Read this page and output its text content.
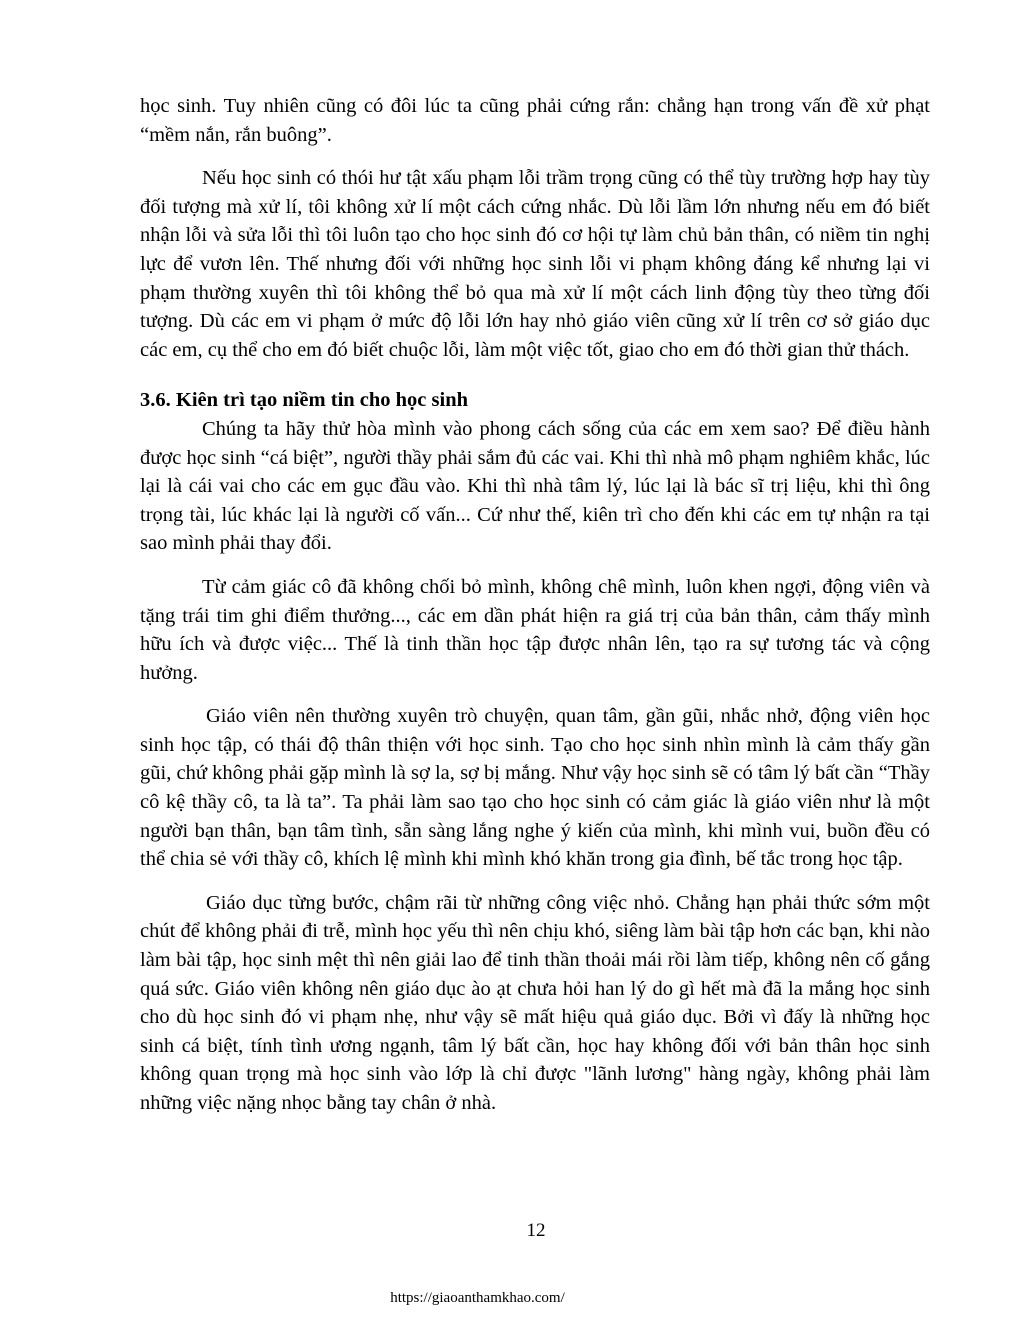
học sinh. Tuy nhiên cũng có đôi lúc ta cũng phải cứng rắn: chẳng hạn trong vấn đề xử phạt “mềm nắn, rắn buông”.

Nếu học sinh có thói hư tật xấu phạm lỗi trầm trọng cũng có thể tùy trường hợp hay tùy đối tượng mà xử lí, tôi không xử lí một cách cứng nhắc. Dù lỗi lầm lớn nhưng nếu em đó biết nhận lỗi và sửa lỗi thì tôi luôn tạo cho học sinh đó cơ hội tự làm chủ bản thân, có niềm tin nghị lực để vươn lên. Thế nhưng đối với những học sinh lỗi vi phạm không đáng kể nhưng lại vi phạm thường xuyên thì tôi không thể bỏ qua mà xử lí một cách linh động tùy theo từng đối tượng. Dù các em vi phạm ở mức độ lỗi lớn hay nhỏ giáo viên cũng xử lí trên cơ sở giáo dục các em, cụ thể cho em đó biết chuộc lỗi, làm một việc tốt, giao cho em đó thời gian thử thách.

3.6. Kiên trì tạo niềm tin cho học sinh

Chúng ta hãy thử hòa mình vào phong cách sống của các em xem sao? Để điều hành được học sinh “cá biệt”, người thầy phải sắm đủ các vai. Khi thì nhà mô phạm nghiêm khắc, lúc lại là cái vai cho các em gục đầu vào. Khi thì nhà tâm lý, lúc lại là bác sĩ trị liệu, khi thì ông trọng tài, lúc khác lại là người cố vấn... Cứ như thế, kiên trì cho đến khi các em tự nhận ra tại sao mình phải thay đổi.

Từ cảm giác cô đã không chối bỏ mình, không chê mình, luôn khen ngợi, động viên và tặng trái tim ghi điểm thưởng..., các em dần phát hiện ra giá trị của bản thân, cảm thấy mình hữu ích và được việc... Thế là tinh thần học tập được nhân lên, tạo ra sự tương tác và cộng hưởng.

Giáo viên nên thường xuyên trò chuyện, quan tâm, gần gũi, nhắc nhở, động viên học sinh học tập, có thái độ thân thiện với học sinh. Tạo cho học sinh nhìn mình là cảm thấy gần gũi, chứ không phải gặp mình là sợ la, sợ bị mắng. Như vậy học sinh sẽ có tâm lý bất cần “Thầy cô kệ thầy cô, ta là ta”. Ta phải làm sao tạo cho học sinh có cảm giác là giáo viên như là một người bạn thân, bạn tâm tình, sẵn sàng lắng nghe ý kiến của mình, khi mình vui, buồn đều có thể chia sẻ với thầy cô, khích lệ mình khi mình khó khăn trong gia đình, bế tắc trong học tập.

Giáo dục từng bước, chậm rãi từ những công việc nhỏ. Chẳng hạn phải thức sớm một chút để không phải đi trễ, mình học yếu thì nên chịu khó, siêng làm bài tập hơn các bạn, khi nào làm bài tập, học sinh mệt thì nên giải lao để tinh thần thoải mái rồi làm tiếp, không nên cố gắng quá sức. Giáo viên không nên giáo dục ào ạt chưa hỏi han lý do gì hết mà đã la mắng học sinh cho dù học sinh đó vi phạm nhẹ, như vậy sẽ mất hiệu quả giáo dục. Bởi vì đấy là những học sinh cá biệt, tính tình ương ngạnh, tâm lý bất cần, học hay không đối với bản thân học sinh không quan trọng mà học sinh vào lớp là chỉ được "lãnh lương" hàng ngày, không phải làm những việc nặng nhọc bằng tay chân ở nhà.

12
https://giaoanthamkhao.com/
